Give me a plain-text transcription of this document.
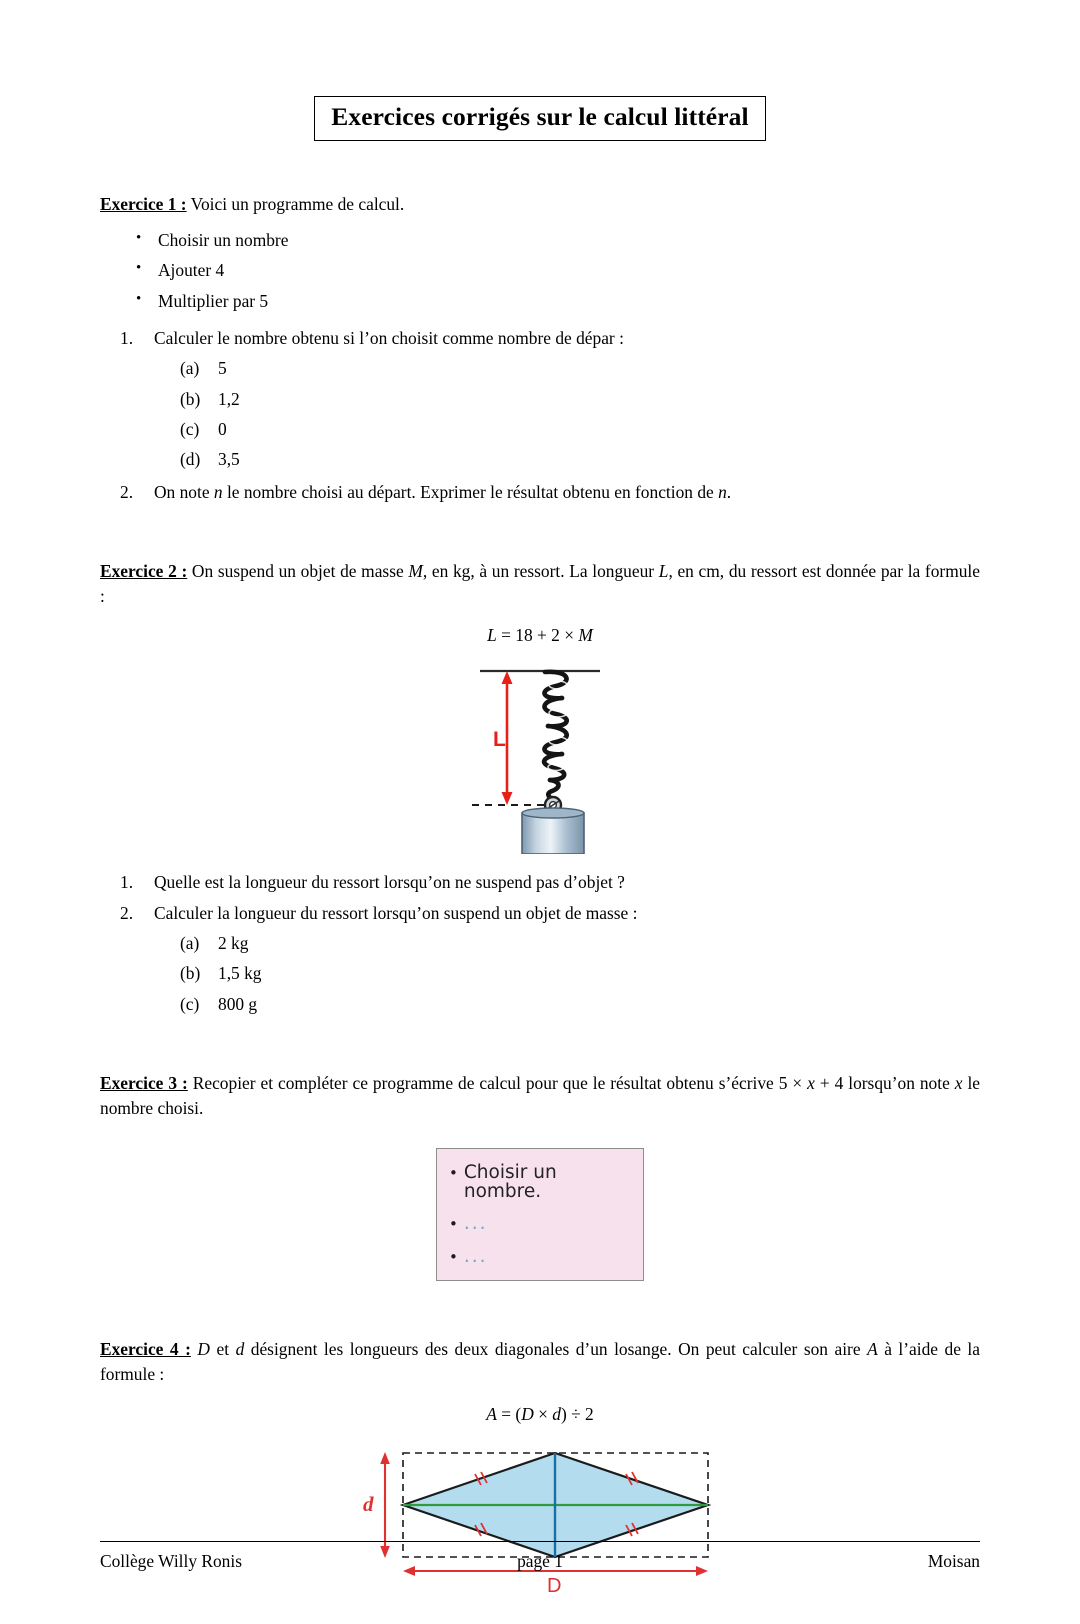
Exercices corrigés sur le calcul littéral

Exercice 1 : Voici un programme de calcul.

• Choisir un nombre
• Ajouter 4
• Multiplier par 5
Calculer le nombre obtenu si l’on choisit comme nombre de dépar :
5
1,2
0
3,5
On note n le nombre choisi au départ. Exprimer le résultat obtenu en fonction de n.

Exercice 2 : On suspend un objet de masse M, en kg, à un ressort. La longueur L, en cm, du ressort est donnée par la formule :

L = 18 + 2 × M
L
Quelle est la longueur du ressort lorsqu’on ne suspend pas d’objet ?
Calculer la longueur du ressort lorsqu’on suspend un objet de masse :
2 kg
1,5 kg
800 g

Exercice 3 : Recopier et compléter ce programme de calcul pour que le résultat obtenu s’écrive 5 × x + 4 lorsqu’on note x le nombre choisi.

• Choisir un nombre.
• ...
• ...

Exercice 4 : D et d désignent les longueurs des deux diagonales d’un losange. On peut calculer son aire A à l’aide de la formule :

A = (D × d) ÷ 2
d
D
Collège Willy Ronis	page 1	Moisan
